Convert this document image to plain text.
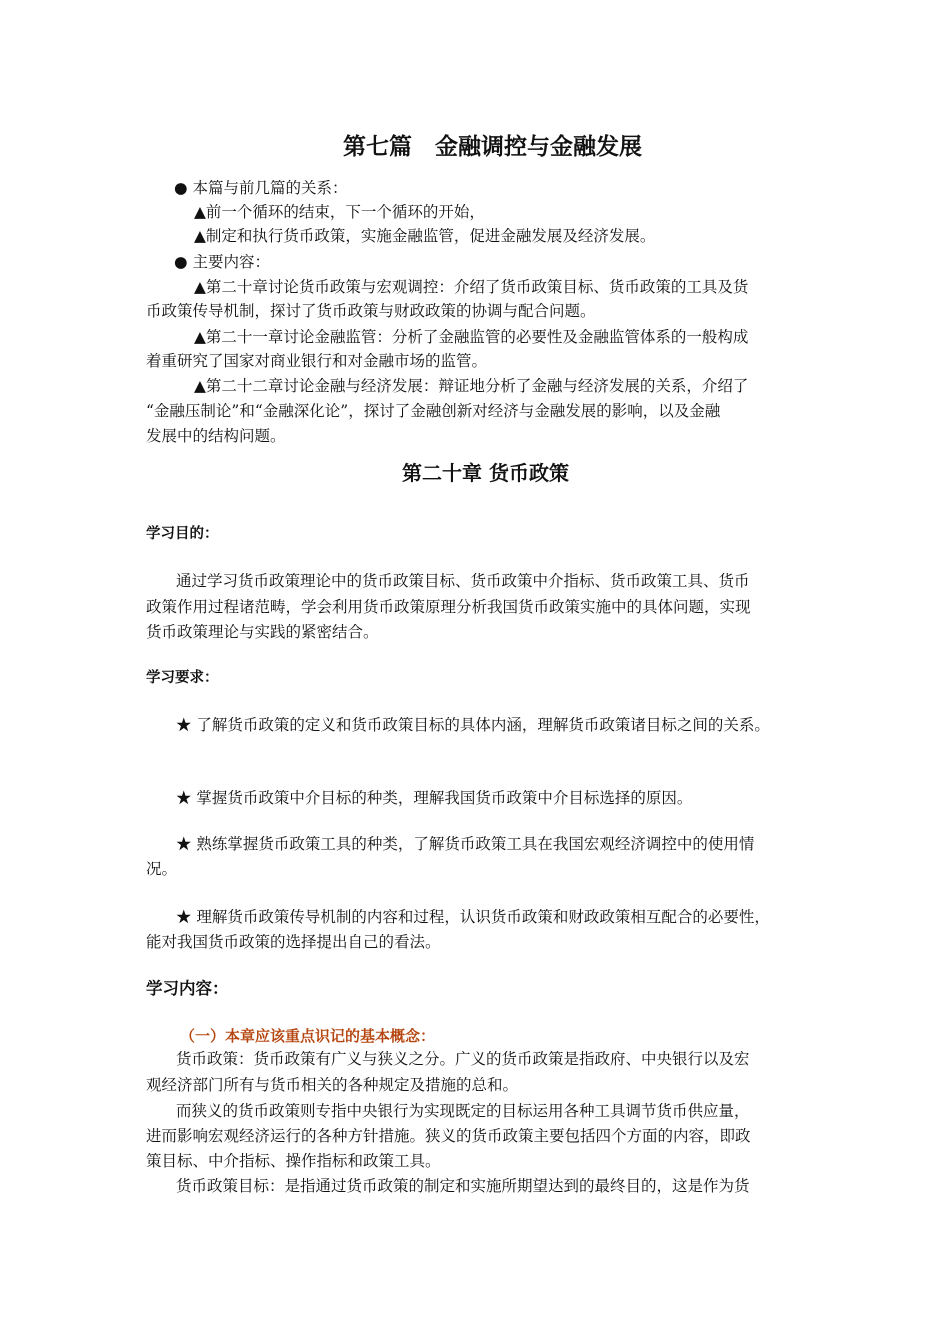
第七篇　金融调控与金融发展
● 本篇与前几篇的关系：
▲前一个循环的结束，下一个循环的开始，
▲制定和执行货币政策，实施金融监管，促进金融发展及经济发展。
● 主要内容：
▲第二十章讨论货币政策与宏观调控：介绍了货币政策目标、货币政策的工具及货
币政策传导机制，探讨了货币政策与财政政策的协调与配合问题。
▲第二十一章讨论金融监管：分析了金融监管的必要性及金融监管体系的一般构成
着重研究了国家对商业银行和对金融市场的监管。
▲第二十二章讨论金融与经济发展：辩证地分析了金融与经济发展的关系，介绍了
“金融压制论”和“金融深化论”，探讨了金融创新对经济与金融发展的影响，以及金融
发展中的结构问题。
第二十章 货币政策
学习目的：
通过学习货币政策理论中的货币政策目标、货币政策中介指标、货币政策工具、货币
政策作用过程诸范畴，学会利用货币政策原理分析我国货币政策实施中的具体问题，实现
货币政策理论与实践的紧密结合。
学习要求：
★ 了解货币政策的定义和货币政策目标的具体内涵，理解货币政策诸目标之间的关系。
★ 掌握货币政策中介目标的种类，理解我国货币政策中介目标选择的原因。
★ 熟练掌握货币政策工具的种类，了解货币政策工具在我国宏观经济调控中的使用情
况。
★ 理解货币政策传导机制的内容和过程，认识货币政策和财政政策相互配合的必要性，
能对我国货币政策的选择提出自己的看法。
学习内容：
（一）本章应该重点识记的基本概念：
货币政策：货币政策有广义与狭义之分。广义的货币政策是指政府、中央银行以及宏
观经济部门所有与货币相关的各种规定及措施的总和。
而狭义的货币政策则专指中央银行为实现既定的目标运用各种工具调节货币供应量，
进而影响宏观经济运行的各种方针措施。狭义的货币政策主要包括四个方面的内容，即政
策目标、中介指标、操作指标和政策工具。
货币政策目标：是指通过货币政策的制定和实施所期望达到的最终目的，这是作为货
